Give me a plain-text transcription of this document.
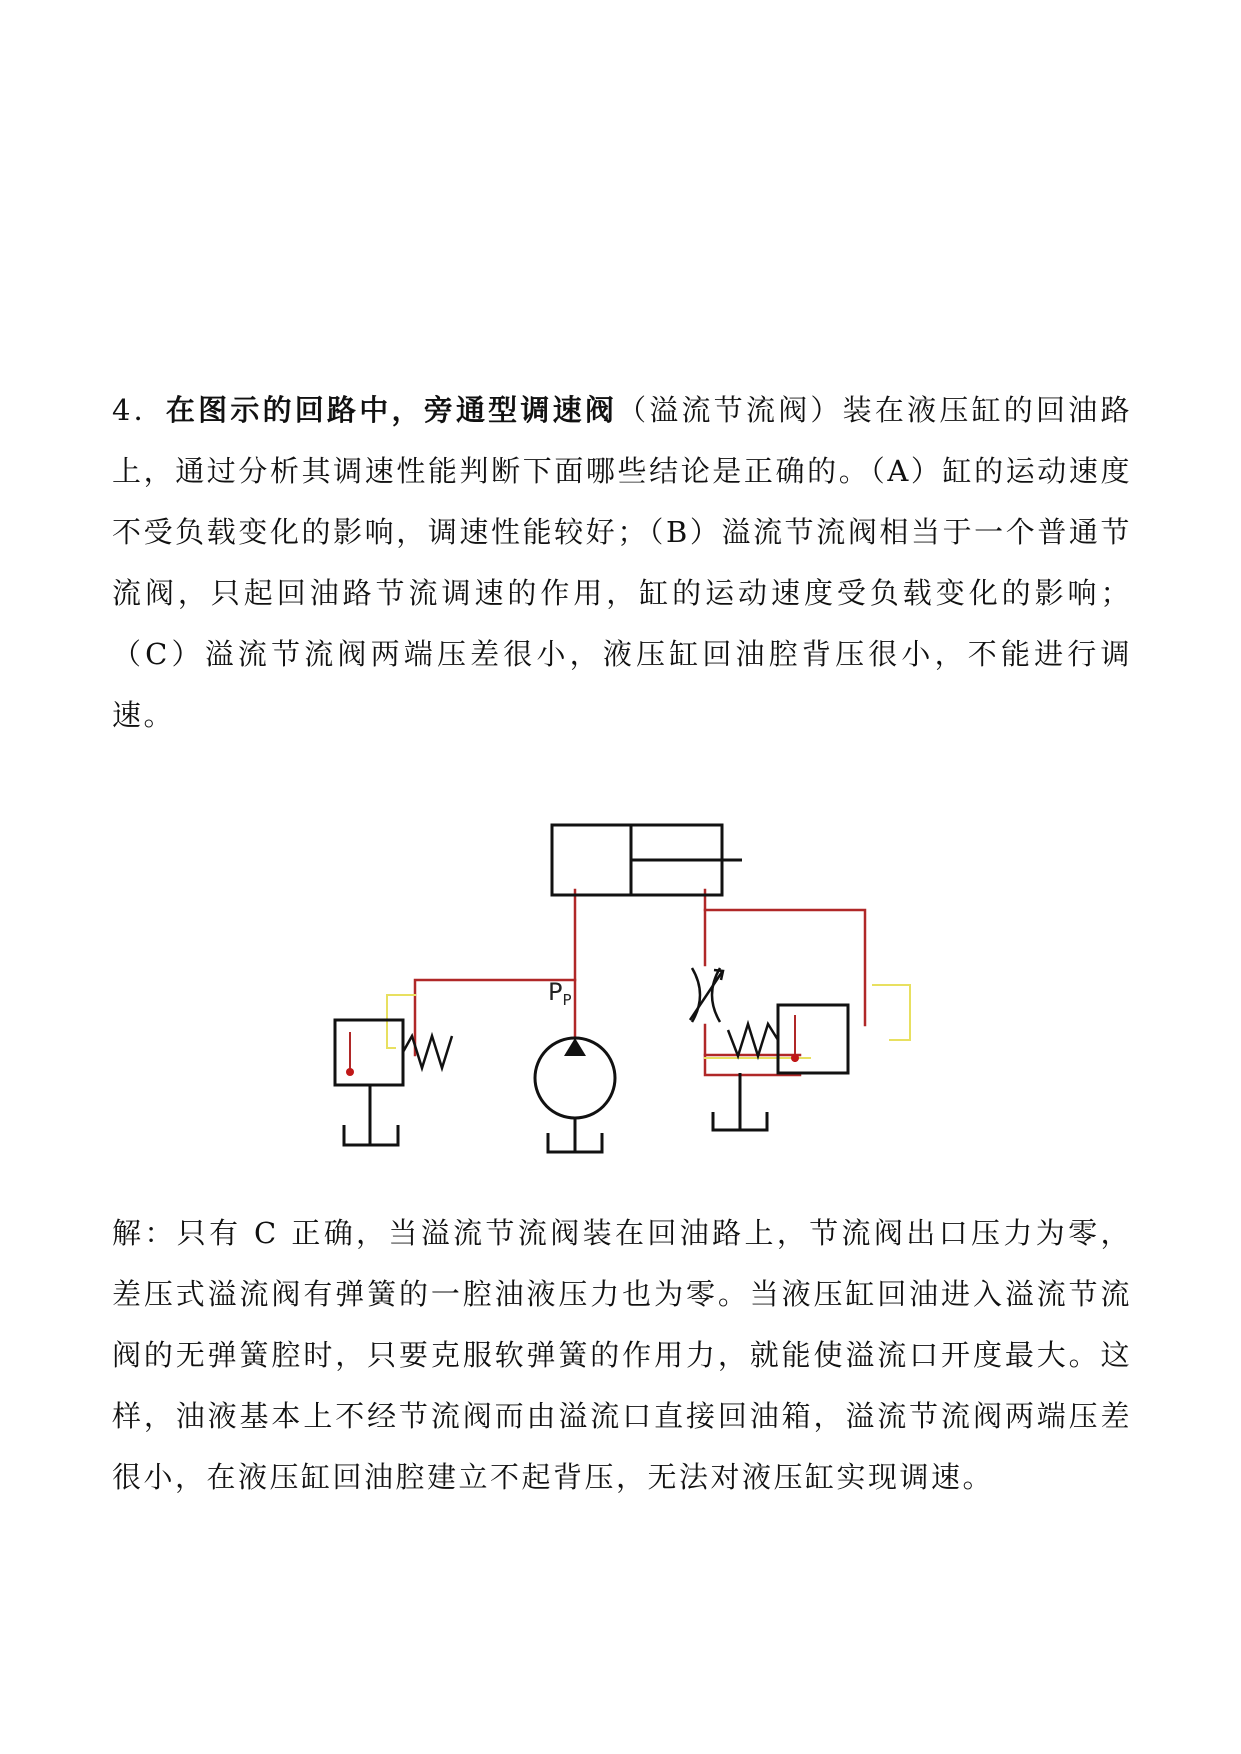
4．在图示的回路中，旁通型调速阀（溢流节流阀）装在液压缸的回油路上，通过分析其调速性能判断下面哪些结论是正确的。（A）缸的运动速度不受负载变化的影响，调速性能较好；（B）溢流节流阀相当于一个普通节流阀，只起回油路节流调速的作用，缸的运动速度受负载变化的影响；（C）溢流节流阀两端压差很小，液压缸回油腔背压很小，不能进行调速。

$P_P$

解：只有 C 正确，当溢流节流阀装在回油路上，节流阀出口压力为零，差压式溢流阀有弹簧的一腔油液压力也为零。当液压缸回油进入溢流节流阀的无弹簧腔时，只要克服软弹簧的作用力，就能使溢流口开度最大。这样，油液基本上不经节流阀而由溢流口直接回油箱，溢流节流阀两端压差很小，在液压缸回油腔建立不起背压，无法对液压缸实现调速。
